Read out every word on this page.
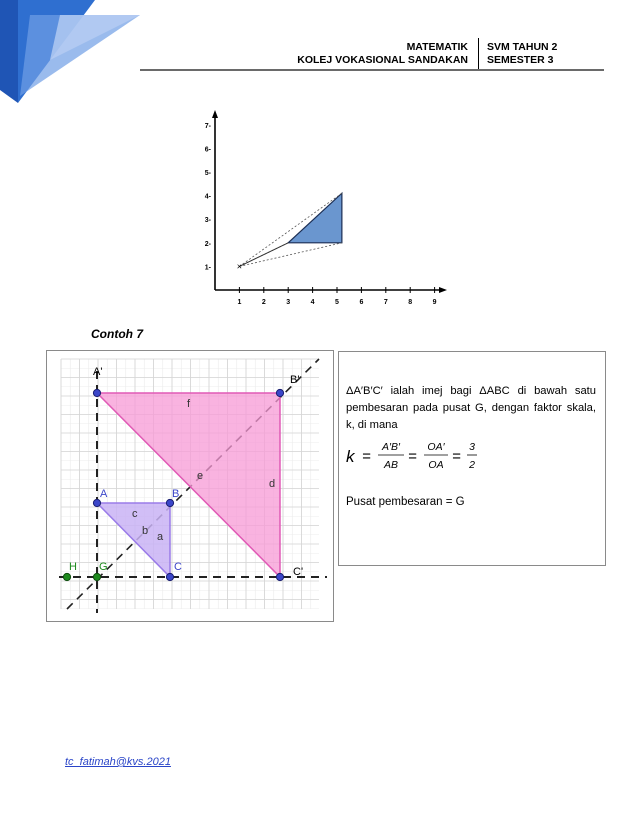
MATEMATIK
KOLEJ VOKASIONAL SANDAKAN
SVM TAHUN 2
SEMESTER 3
1	2	3	4	5	6	7	8	9
1-
2-
3-
4-
5-
6-
7-
×
Contoh 7
A'
B'
C'
A	B
C
G
H
a
b
c
d
e
f
ΔA′B′C′ ialah imej bagi ΔABC di bawah satu pembesaran pada pusat G, dengan faktor skala, k, di mana
k =
A′B′
AB =
OA′
OA =
3
2
Pusat pembesaran = G
tc_fatimah@kvs.2021
